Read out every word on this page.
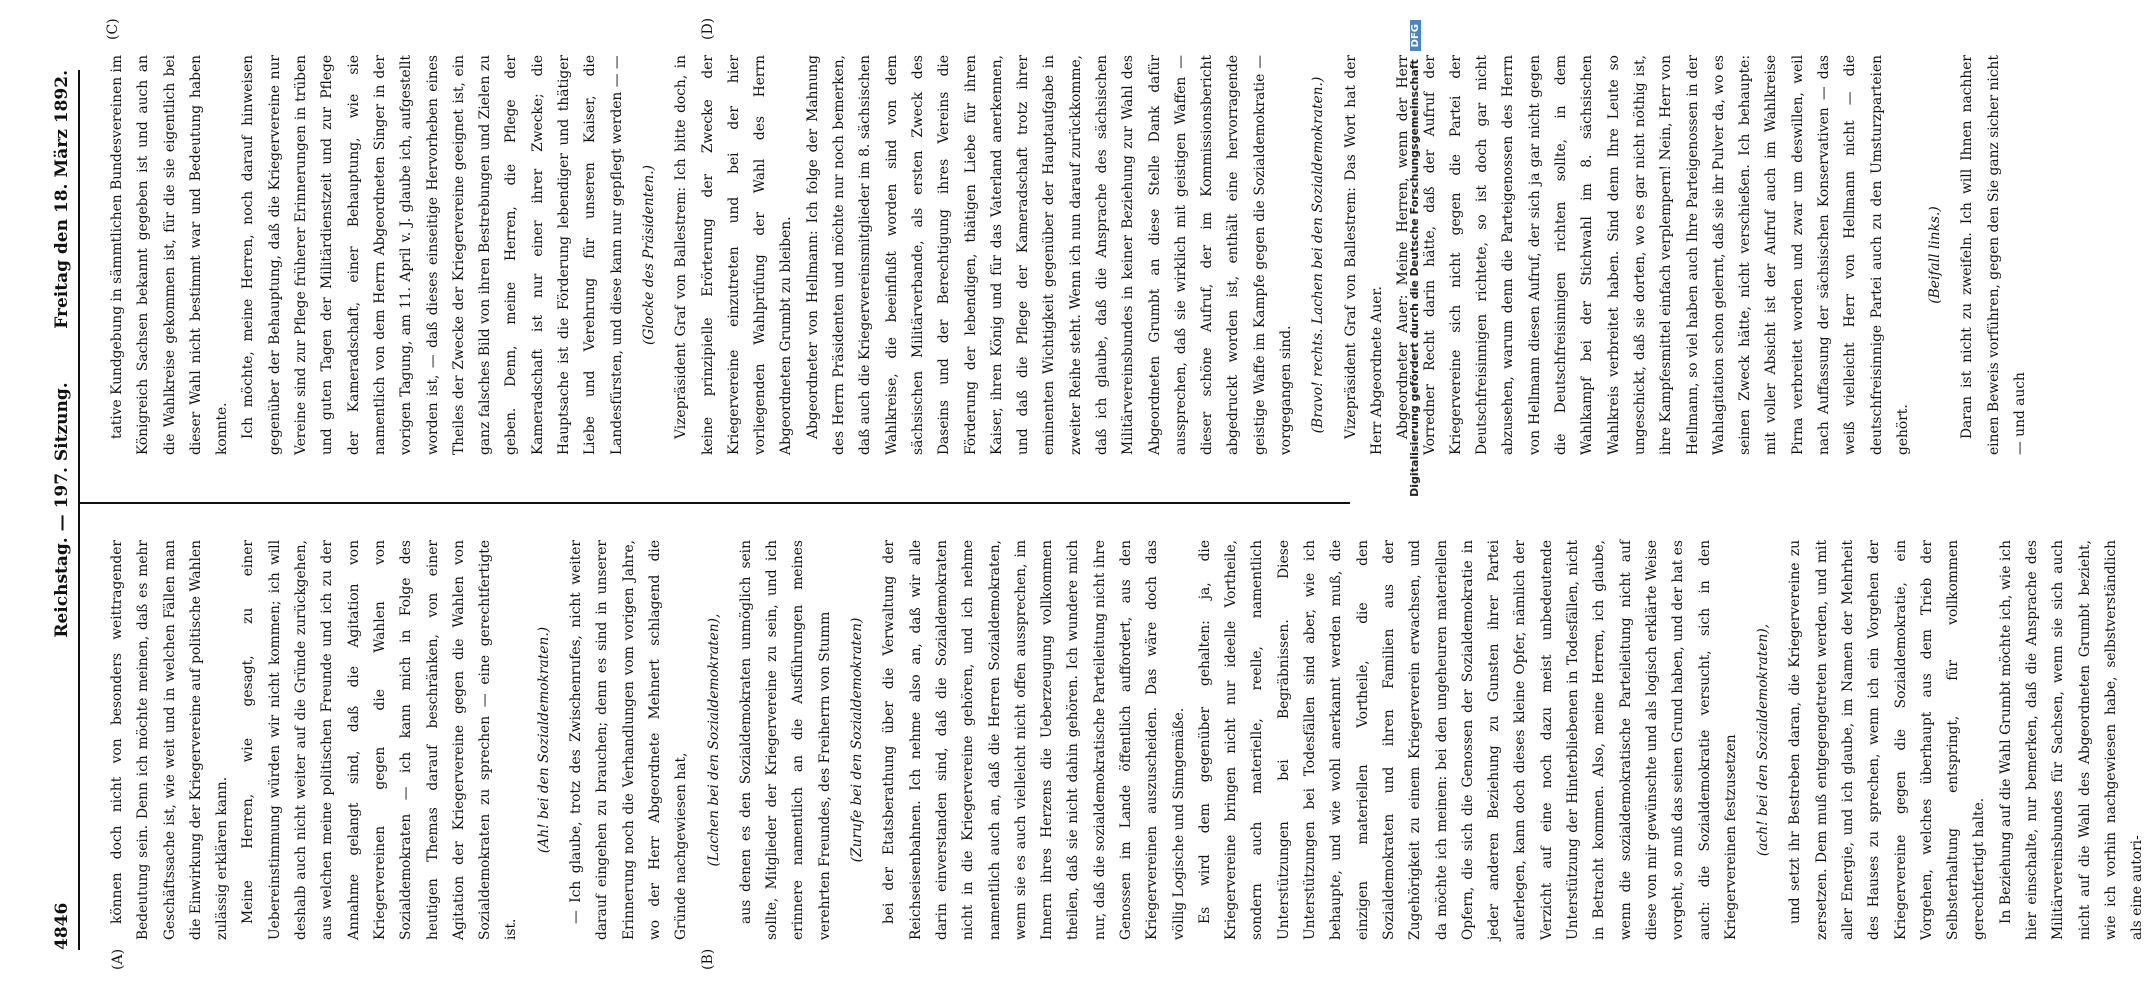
4846
Reichstag. — 197. Sitzung.
Freitag den 18. März 1892.
(A)	(B)
(C)	(D)

können doch nicht von besonders weittragender Bedeutung sein. Denn ich möchte meinen, daß es mehr Geschäftssache ist, wie weit und in welchen Fällen man die Einwirkung der Kriegervereine auf politische Wahlen zulässig erklären kann. Meine Herren, wie gesagt, zu einer Uebereinstimmung würden wir nicht kommen; ich will deshalb auch nicht weiter auf die Gründe zurückgehen, aus welchen meine politischen Freunde und ich zu der Annahme gelangt sind, daß die Agitation von Kriegervereinen gegen die Wahlen von Sozialdemokraten — ich kann mich in Folge des heutigen Themas darauf beschränken, von einer Agitation der Kriegervereine gegen die Wahlen von Sozialdemokraten zu sprechen — eine gerechtfertigte ist.

(Ah! bei den Sozialdemokraten.)	— Ich glaube, trotz des Zwischenrufes, nicht weiter darauf eingehen zu brauchen; denn es sind in unserer Erinnerung noch die Verhandlungen vom vorigen Jahre, wo der Herr Abgeordnete Mehnert schlagend die Gründe nachgewiesen hat,	(Lachen bei den Sozialdemokraten),	aus denen es den Sozialdemokraten unmöglich sein sollte, Mitglieder der Kriegervereine zu sein, und ich erinnere namentlich an die Ausführungen meines verehrten Freundes, des Freiherrn von Stumm	(Zurufe bei den Sozialdemokraten)	bei der Etatsberathung über die Verwaltung der Reichseisenbahnen. Ich nehme also an, daß wir alle darin einverstanden sind, daß die Sozialdemokraten nicht in die Kriegervereine gehören, und ich nehme namentlich auch an, daß die Herren Sozialdemokraten, wenn sie es auch vielleicht nicht offen aussprechen, im Innern ihres Herzens die Ueberzeugung vollkommen theilen, daß sie nicht dahin gehören. Ich wundere mich nur, daß die sozialdemokratische Parteileitung nicht ihre Genossen im Lande öffentlich auffordert, aus den Kriegervereinen auszuscheiden. Das wäre doch das völlig Logische und Sinngemäße. Es wird dem gegenüber gehalten: ja, die Kriegervereine bringen nicht nur ideelle Vortheile, sondern auch materielle, reelle, namentlich Unterstützungen bei Begräbnissen. Diese Unterstützungen bei Todesfällen sind aber, wie ich behaupte, und wie wohl anerkannt werden muß, die einzigen materiellen Vortheile, die den Sozialdemokraten und ihren Familien aus der Zugehörigkeit zu einem Kriegerverein erwachsen, und da möchte ich meinen: bei den ungeheuren materiellen Opfern, die sich die Genossen der Sozialdemokratie in jeder anderen Beziehung zu Gunsten ihrer Partei auferlegen, kann doch dieses kleine Opfer, nämlich der Verzicht auf eine noch dazu meist unbedeutende Unterstützung der Hinterbliebenen in Todesfällen, nicht in Betracht kommen. Also, meine Herren, ich glaube, wenn die sozialdemokratische Parteileitung nicht auf diese von mir gewünschte und als logisch erklärte Weise vorgeht, so muß das seinen Grund haben, und der hat es auch: die Sozialdemokratie versucht, sich in den Kriegervereinen festzusetzen	(ach! bei den Sozialdemokraten),	und setzt ihr Bestreben daran, die Kriegervereine zu zersetzen. Dem muß entgegengetreten werden, und mit aller Energie, und ich glaube, im Namen der Mehrheit des Hauses zu sprechen, wenn ich ein Vorgehen der Kriegervereine gegen die Sozialdemokratie, ein Vorgehen, welches überhaupt aus dem Trieb der Selbsterhaltung entspringt, für vollkommen gerechtfertigt halte. In Beziehung auf die Wahl Grumbt möchte ich, wie ich hier einschalte, nur bemerken, daß die Ansprache des Militärvereinsbundes für Sachsen, wenn sie sich auch nicht auf die Wahl des Abgeordneten Grumbt bezieht, wie ich vorhin nachgewiesen habe, selbstverständlich als eine autori-

tative Kundgebung in sämmtlichen Bundesvereinen im Königreich Sachsen bekannt gegeben ist und auch an die Wahlkreise gekommen ist, für die sie eigentlich bei dieser Wahl nicht bestimmt war und Bedeutung haben konnte. Ich möchte, meine Herren, noch darauf hinweisen gegenüber der Behauptung, daß die Kriegervereine nur Vereine sind zur Pflege früherer Erinnerungen in trüben und guten Tagen der Militärdienstzeit und zur Pflege der Kameradschaft, einer Behauptung, wie sie namentlich von dem Herrn Abgeordneten Singer in der vorigen Tagung, am 11. April v. J. glaube ich, aufgestellt worden ist, — daß dieses einseitige Hervorheben eines Theiles der Zwecke der Kriegervereine geeignet ist, ein ganz falsches Bild von ihren Bestrebungen und Zielen zu geben. Denn, meine Herren, die Pflege der Kameradschaft ist nur einer ihrer Zwecke; die Hauptsache ist die Förderung lebendiger und thätiger Liebe und Verehrung für unseren Kaiser, die Landesfürsten, und diese kann nur gepflegt werden — —	(Glocke des Präsidenten.)	Vizepräsident Graf von Ballestrem: Ich bitte doch, in keine prinzipielle Erörterung der Zwecke der Kriegervereine einzutreten und bei der hier vorliegenden Wahlprüfung der Wahl des Herrn Abgeordneten Grumbt zu bleiben. Abgeordneter von Hellmann: Ich folge der Mahnung des Herrn Präsidenten und möchte nur noch bemerken, daß auch die Kriegervereinsmitglieder im 8. sächsischen Wahlkreise, die beeinflußt worden sind von dem sächsischen Militärverbande, als ersten Zweck des Daseins und der Berechtigung ihres Vereins die Förderung der lebendigen, thätigen Liebe für ihren Kaiser, ihren König und für das Vaterland anerkennen, und daß die Pflege der Kameradschaft trotz ihrer eminenten Wichtigkeit gegenüber der Hauptaufgabe in zweiter Reihe steht. Wenn ich nun darauf zurückkomme, daß ich glaube, daß die Ansprache des sächsischen Militärvereinsbundes in keiner Beziehung zur Wahl des Abgeordneten Grumbt an diese Stelle Dank dafür aussprechen, daß sie wirklich mit geistigen Waffen — dieser schöne Aufruf, der im Kommissionsbericht abgedruckt worden ist, enthält eine hervorragende geistige Waffe im Kampfe gegen die Sozialdemokratie — vorgegangen sind.	(Bravo! rechts. Lachen bei den Sozialdemokraten.)	Vizepräsident Graf von Ballestrem: Das Wort hat der Herr Abgeordnete Auer. Abgeordneter Auer: Meine Herren, wenn der Herr Vorredner Recht darin hätte, daß der Aufruf der Kriegervereine sich nicht gegen die Partei der Deutschfreisinnigen richtete, so ist doch gar nicht abzusehen, warum denn die Parteigenossen des Herrn von Hellmann diesen Aufruf, der sich ja gar nicht gegen die Deutschfreisinnigen richten sollte, in dem Wahlkampf bei der Stichwahl im 8. sächsischen Wahlkreis verbreitet haben. Sind denn Ihre Leute so ungeschickt, daß sie dorten, wo es gar nicht nöthig ist, ihre Kampfesmittel einfach verplempern! Nein, Herr von Hellmann, so viel haben auch Ihre Parteigenossen in der Wahlagitation schon gelernt, daß sie ihr Pulver da, wo es seinen Zweck hätte, nicht verschießen. Ich behaupte: mit voller Absicht ist der Aufruf auch im Wahlkreise Pirna verbreitet worden und zwar um deswillen, weil nach Auffassung der sächsischen Konservativen — das weiß vielleicht Herr von Hellmann nicht — die deutschfreisinnige Partei auch zu den Umsturzparteien gehört.

(Beifall links.)	Daran ist nicht zu zweifeln. Ich will Ihnen nachher einen Beweis vorführen, gegen den Sie ganz sicher nicht — und auch

Digitalisierung gefördert durch die Deutsche Forschungsgemeinschaft DFG
